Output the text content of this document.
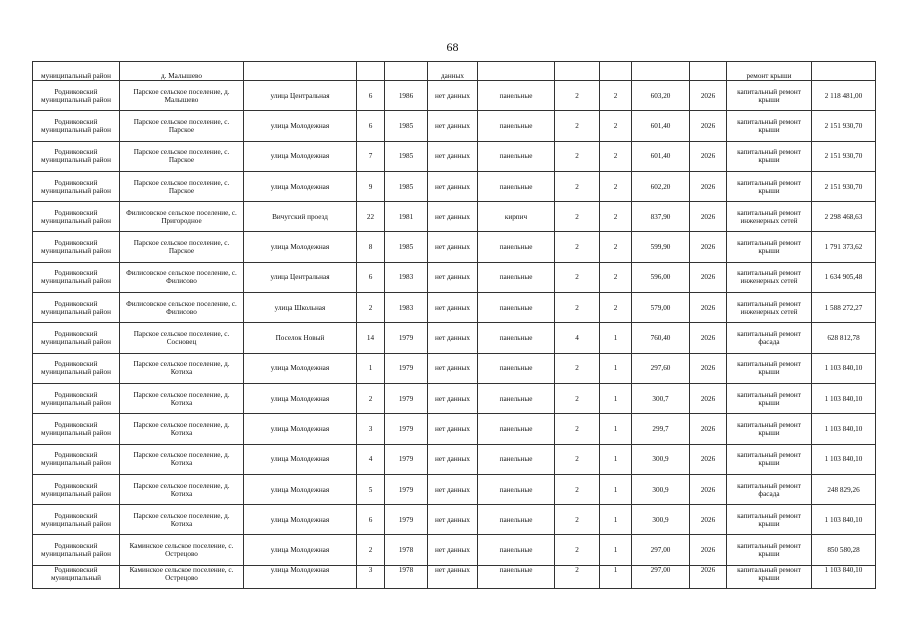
68
муниципальный район	д. Малышево				данных						ремонт крыши	
Родниковский муниципальный район	Парское сельское поселение, д. Малышево	улица Центральная	6	1986	нет данных	панельные	2	2	603,20	2026	капитальный ремонт крыши	2 118 481,00
Родниковский муниципальный район	Парское сельское поселение, с. Парское	улица Молодежная	6	1985	нет данных	панельные	2	2	601,40	2026	капитальный ремонт крыши	2 151 930,70
Родниковский муниципальный район	Парское сельское поселение, с. Парское	улица Молодежная	7	1985	нет данных	панельные	2	2	601,40	2026	капитальный ремонт крыши	2 151 930,70
Родниковский муниципальный район	Парское сельское поселение, с. Парское	улица Молодежная	9	1985	нет данных	панельные	2	2	602,20	2026	капитальный ремонт крыши	2 151 930,70
Родниковский муниципальный район	Филисовское сельское поселение, с. Пригородное	Вичугский проезд	22	1981	нет данных	кирпич	2	2	837,90	2026	капитальный ремонт инженерных сетей	2 298 468,63
Родниковский муниципальный район	Парское сельское поселение, с. Парское	улица Молодежная	8	1985	нет данных	панельные	2	2	599,90	2026	капитальный ремонт крыши	1 791 373,62
Родниковский муниципальный район	Филисовское сельское поселение, с. Филисово	улица Центральная	6	1983	нет данных	панельные	2	2	596,00	2026	капитальный ремонт инженерных сетей	1 634 905,48
Родниковский муниципальный район	Филисовское сельское поселение, с. Филисово	улица Школьная	2	1983	нет данных	панельные	2	2	579,00	2026	капитальный ремонт инженерных сетей	1 588 272,27
Родниковский муниципальный район	Парское сельское поселение, с. Сосновец	Поселок Новый	14	1979	нет данных	панельные	4	1	760,40	2026	капитальный ремонт фасада	628 812,78
Родниковский муниципальный район	Парское сельское поселение, д. Котиха	улица Молодежная	1	1979	нет данных	панельные	2	1	297,60	2026	капитальный ремонт крыши	1 103 840,10
Родниковский муниципальный район	Парское сельское поселение, д. Котиха	улица Молодежная	2	1979	нет данных	панельные	2	1	300,7	2026	капитальный ремонт крыши	1 103 840,10
Родниковский муниципальный район	Парское сельское поселение, д. Котиха	улица Молодежная	3	1979	нет данных	панельные	2	1	299,7	2026	капитальный ремонт крыши	1 103 840,10
Родниковский муниципальный район	Парское сельское поселение, д. Котиха	улица Молодежная	4	1979	нет данных	панельные	2	1	300,9	2026	капитальный ремонт крыши	1 103 840,10
Родниковский муниципальный район	Парское сельское поселение, д. Котиха	улица Молодежная	5	1979	нет данных	панельные	2	1	300,9	2026	капитальный ремонт фасада	248 829,26
Родниковский муниципальный район	Парское сельское поселение, д. Котиха	улица Молодежная	6	1979	нет данных	панельные	2	1	300,9	2026	капитальный ремонт крыши	1 103 840,10
Родниковский муниципальный район	Каминское сельское поселение, с. Острецово	улица Молодежная	2	1978	нет данных	панельные	2	1	297,00	2026	капитальный ремонт крыши	850 580,28
Родниковский муниципальный	Каминское сельское поселение, с. Острецово	улица Молодежная	3	1978	нет данных	панельные	2	1	297,00	2026	капитальный ремонт крыши	1 103 840,10
